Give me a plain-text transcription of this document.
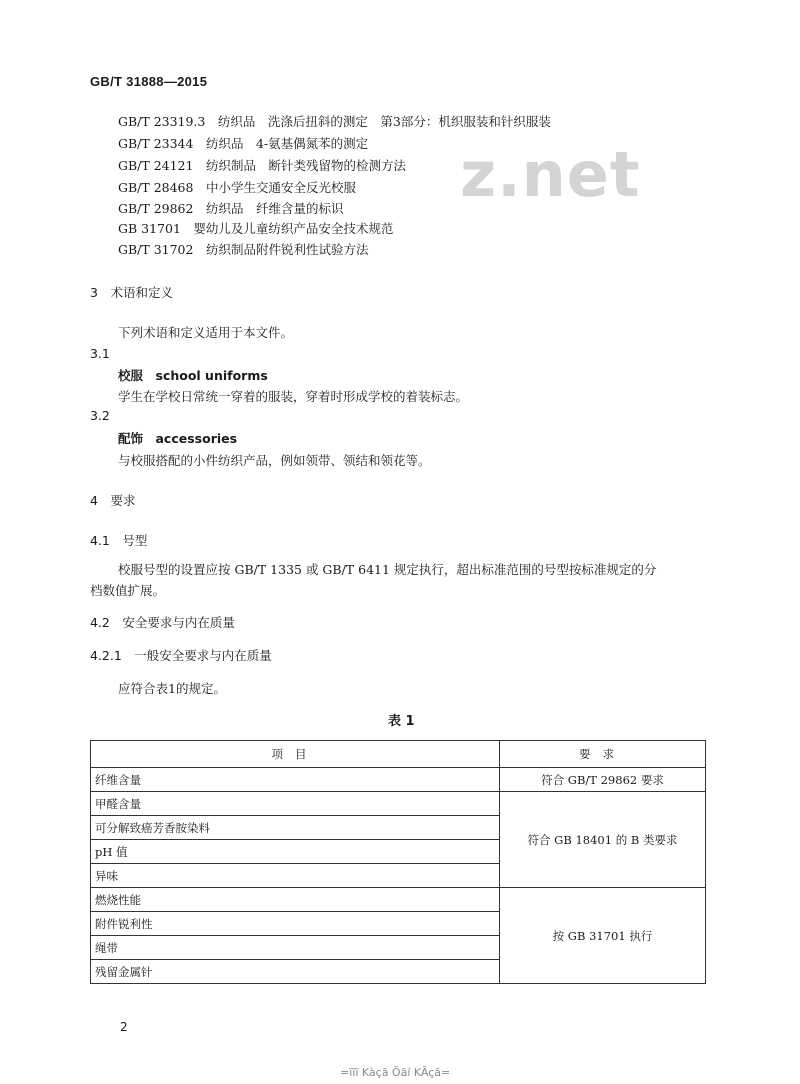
GB/T 31888—2015
z.net
GB/T 23319.3　纺织品　洗涤后扭斜的测定　第3部分：机织服装和针织服装
GB/T 23344　纺织品　4-氨基偶氮苯的测定
GB/T 24121　纺织制品　断针类残留物的检测方法
GB/T 28468　中小学生交通安全反光校服
GB/T 29862　纺织品　纤维含量的标识
GB 31701　婴幼儿及儿童纺织产品安全技术规范
GB/T 31702　纺织制品附件锐利性试验方法
3　术语和定义
下列术语和定义适用于本文件。
3.1
校服　school uniforms
学生在学校日常统一穿着的服装，穿着时形成学校的着装标志。
3.2
配饰　accessories
与校服搭配的小件纺织产品，例如领带、领结和领花等。
4　要求
4.1　号型
校服号型的设置应按 GB/T 1335 或 GB/T 6411 规定执行，超出标准范围的号型按标准规定的分
档数值扩展。
4.2　安全要求与内在质量
4.2.1　一般安全要求与内在质量
应符合表1的规定。
表 1
项目	要求
纤维含量	符合 GB/T 29862 要求
甲醛含量	符合 GB 18401 的 B 类要求
可分解致癌芳香胺染料	
pH 值	
异味	
燃烧性能	按 GB 31701 执行
附件锐利性	
绳带	
残留金属针	
2
=ïïï Kàçã Õãí KÃçã=
